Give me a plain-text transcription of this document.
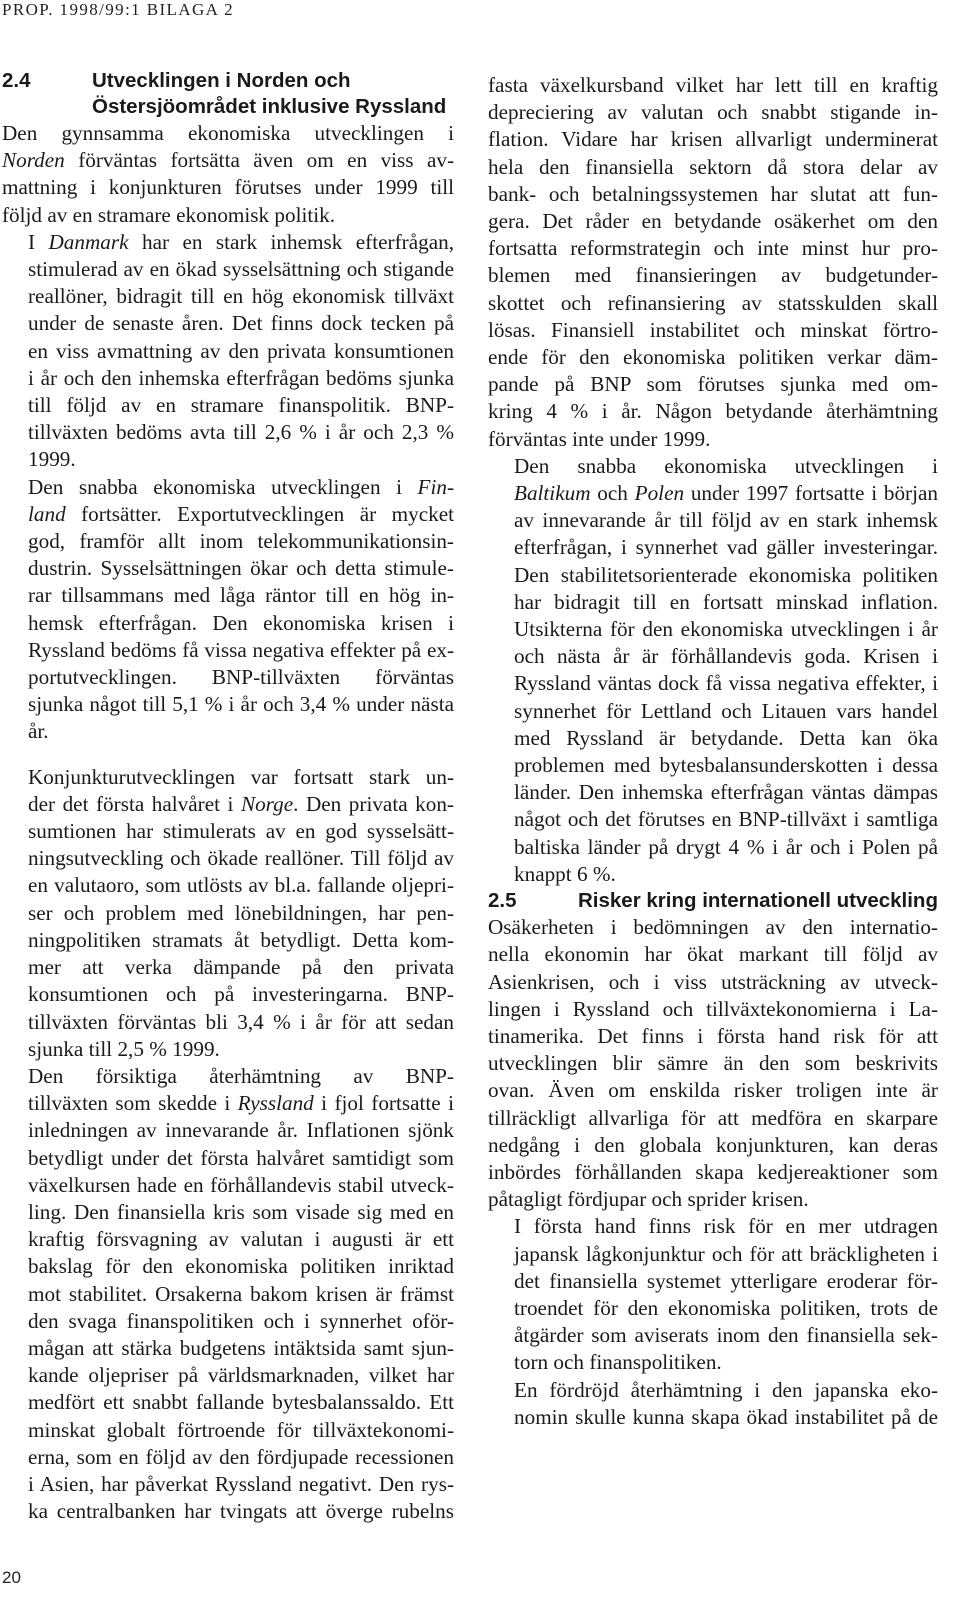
PROP. 1998/99:1 BILAGA 2
2.4	Utvecklingen i Norden och
Östersjöområdet inklusive Ryssland

Den gynnsamma ekonomiska utvecklingen i
Norden förväntas fortsätta även om en viss av-
mattning i konjunkturen förutses under 1999 till
följd av en stramare ekonomisk politik.

I Danmark har en stark inhemsk efterfrågan,
stimulerad av en ökad sysselsättning och stigande
reallöner, bidragit till en hög ekonomisk tillväxt
under de senaste åren. Det finns dock tecken på
en viss avmattning av den privata konsumtionen
i år och den inhemska efterfrågan bedöms sjunka
till följd av en stramare finanspolitik. BNP-
tillväxten bedöms avta till 2,6 % i år och 2,3 %
1999.

Den snabba ekonomiska utvecklingen i Fin-
land fortsätter. Exportutvecklingen är mycket
god, framför allt inom telekommunikationsin-
dustrin. Sysselsättningen ökar och detta stimule-
rar tillsammans med låga räntor till en hög in-
hemsk efterfrågan. Den ekonomiska krisen i
Ryssland bedöms få vissa negativa effekter på ex-
portutvecklingen. BNP-tillväxten förväntas
sjunka något till 5,1 % i år och 3,4 % under nästa
år.

Konjunkturutvecklingen var fortsatt stark un-
der det första halvåret i Norge. Den privata kon-
sumtionen har stimulerats av en god sysselsätt-
ningsutveckling och ökade reallöner. Till följd av
en valutaoro, som utlösts av bl.a. fallande oljepri-
ser och problem med lönebildningen, har pen-
ningpolitiken stramats åt betydligt. Detta kom-
mer att verka dämpande på den privata
konsumtionen och på investeringarna. BNP-
tillväxten förväntas bli 3,4 % i år för att sedan
sjunka till 2,5 % 1999.

Den försiktiga återhämtning av BNP-
tillväxten som skedde i Ryssland i fjol fortsatte i
inledningen av innevarande år. Inflationen sjönk
betydligt under det första halvåret samtidigt som
växelkursen hade en förhållandevis stabil utveck-
ling. Den finansiella kris som visade sig med en
kraftig försvagning av valutan i augusti är ett
bakslag för den ekonomiska politiken inriktad
mot stabilitet. Orsakerna bakom krisen är främst
den svaga finanspolitiken och i synnerhet oför-
mågan att stärka budgetens intäktsida samt sjun-
kande oljepriser på världsmarknaden, vilket har
medfört ett snabbt fallande bytesbalanssaldo. Ett
minskat globalt förtroende för tillväxtekonomi-
erna, som en följd av den fördjupade recessionen
i Asien, har påverkat Ryssland negativt. Den rys-
ka centralbanken har tvingats att överge rubelns

fasta växelkursband vilket har lett till en kraftig
depreciering av valutan och snabbt stigande in-
flation. Vidare har krisen allvarligt underminerat
hela den finansiella sektorn då stora delar av
bank- och betalningssystemen har slutat att fun-
gera. Det råder en betydande osäkerhet om den
fortsatta reformstrategin och inte minst hur pro-
blemen med finansieringen av budgetunder-
skottet och refinansiering av statsskulden skall
lösas. Finansiell instabilitet och minskat förtro-
ende för den ekonomiska politiken verkar däm-
pande på BNP som förutses sjunka med om-
kring 4 % i år. Någon betydande återhämtning
förväntas inte under 1999.

Den snabba ekonomiska utvecklingen i
Baltikum och Polen under 1997 fortsatte i början
av innevarande år till följd av en stark inhemsk
efterfrågan, i synnerhet vad gäller investeringar.
Den stabilitetsorienterade ekonomiska politiken
har bidragit till en fortsatt minskad inflation.
Utsikterna för den ekonomiska utvecklingen i år
och nästa år är förhållandevis goda. Krisen i
Ryssland väntas dock få vissa negativa effekter, i
synnerhet för Lettland och Litauen vars handel
med Ryssland är betydande. Detta kan öka
problemen med bytesbalansunderskotten i dessa
länder. Den inhemska efterfrågan väntas dämpas
något och det förutses en BNP-tillväxt i samtliga
baltiska länder på drygt 4 % i år och i Polen på
knappt 6 %.

2.5	Risker kring internationell utveckling

Osäkerheten i bedömningen av den internatio-
nella ekonomin har ökat markant till följd av
Asienkrisen, och i viss utsträckning av utveck-
lingen i Ryssland och tillväxtekonomierna i La-
tinamerika. Det finns i första hand risk för att
utvecklingen blir sämre än den som beskrivits
ovan. Även om enskilda risker troligen inte är
tillräckligt allvarliga för att medföra en skarpare
nedgång i den globala konjunkturen, kan deras
inbördes förhållanden skapa kedjereaktioner som
påtagligt fördjupar och sprider krisen.

I första hand finns risk för en mer utdragen
japansk lågkonjunktur och för att bräckligheten i
det finansiella systemet ytterligare eroderar för-
troendet för den ekonomiska politiken, trots de
åtgärder som aviserats inom den finansiella sek-
torn och finanspolitiken.

En fördröjd återhämtning i den japanska eko-
nomin skulle kunna skapa ökad instabilitet på de

20
